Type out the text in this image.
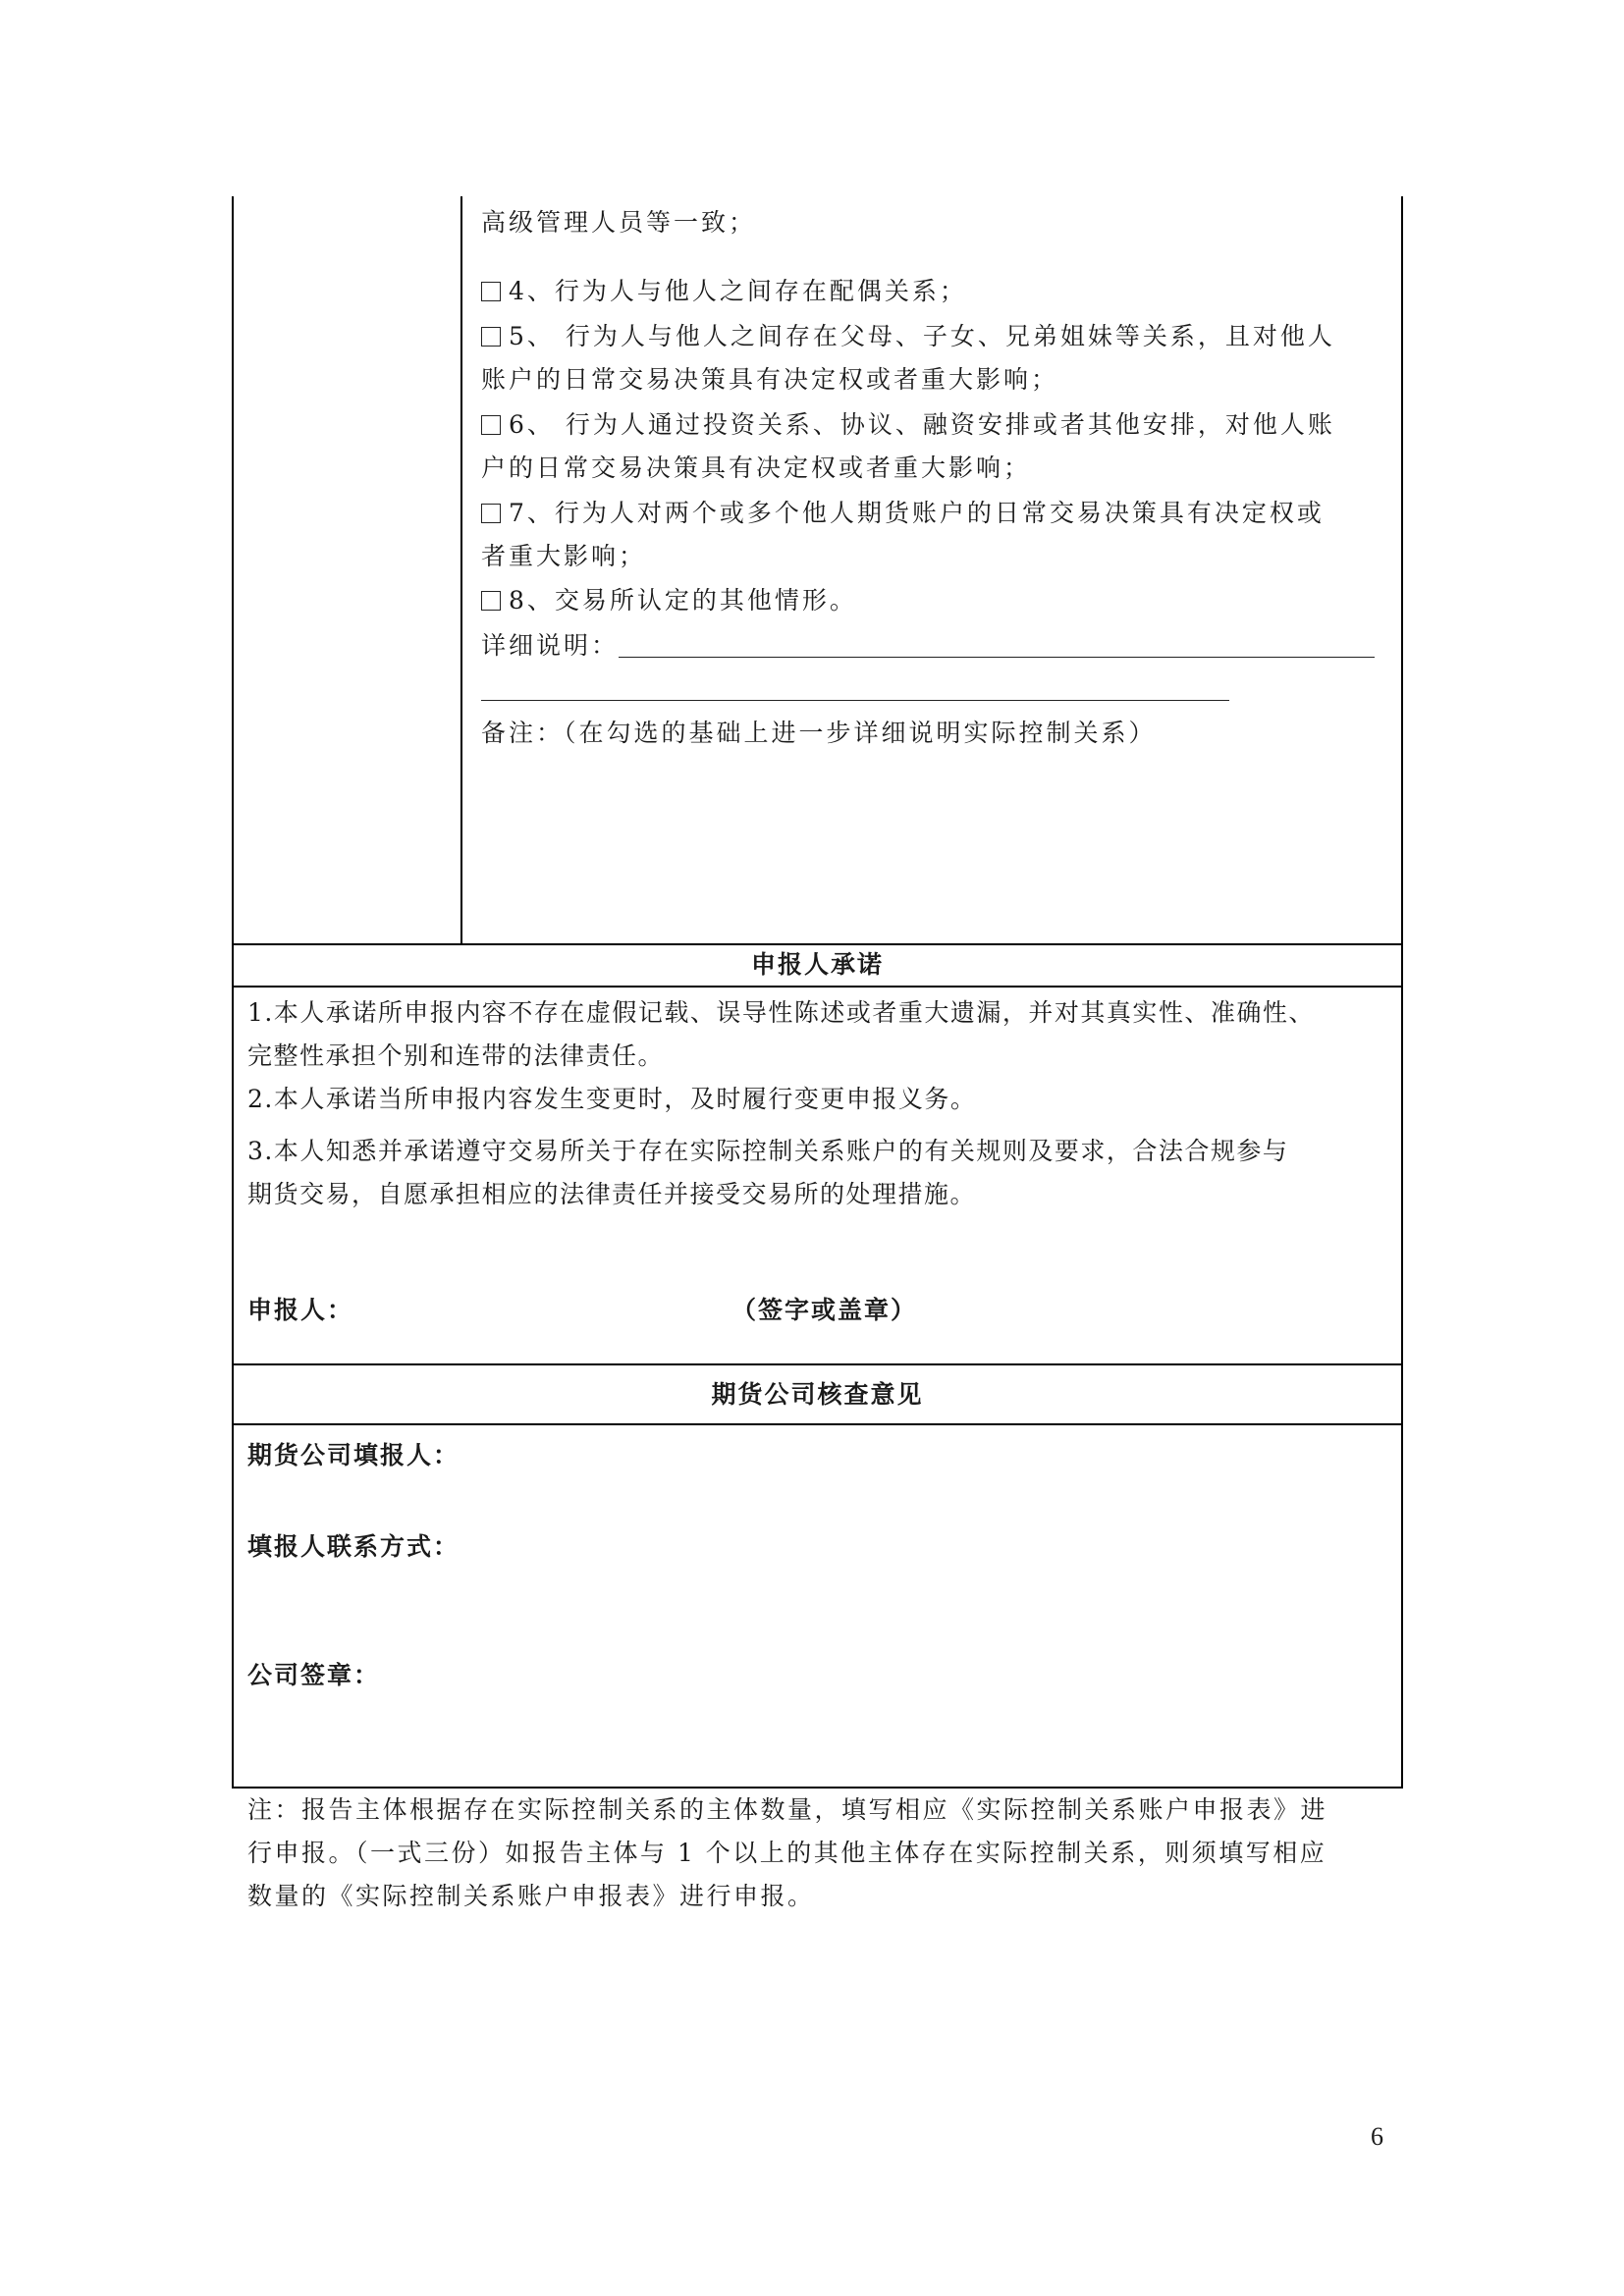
高级管理人员等一致；
4、行为人与他人之间存在配偶关系；
5、 行为人与他人之间存在父母、子女、兄弟姐妹等关系，且对他人
账户的日常交易决策具有决定权或者重大影响；
6、 行为人通过投资关系、协议、融资安排或者其他安排，对他人账
户的日常交易决策具有决定权或者重大影响；
7、行为人对两个或多个他人期货账户的日常交易决策具有决定权或
者重大影响；
8、交易所认定的其他情形。
详细说明：
备注：（在勾选的基础上进一步详细说明实际控制关系）
申报人承诺
1.本人承诺所申报内容不存在虚假记载、误导性陈述或者重大遗漏，并对其真实性、准确性、
完整性承担个别和连带的法律责任。
2.本人承诺当所申报内容发生变更时，及时履行变更申报义务。
3.本人知悉并承诺遵守交易所关于存在实际控制关系账户的有关规则及要求，合法合规参与
期货交易，自愿承担相应的法律责任并接受交易所的处理措施。
申报人：	（签字或盖章）
期货公司核查意见
期货公司填报人：
填报人联系方式：
公司签章：
注：报告主体根据存在实际控制关系的主体数量，填写相应《实际控制关系账户申报表》进
行申报。（一式三份）如报告主体与 1 个以上的其他主体存在实际控制关系，则须填写相应
数量的《实际控制关系账户申报表》进行申报。
6
